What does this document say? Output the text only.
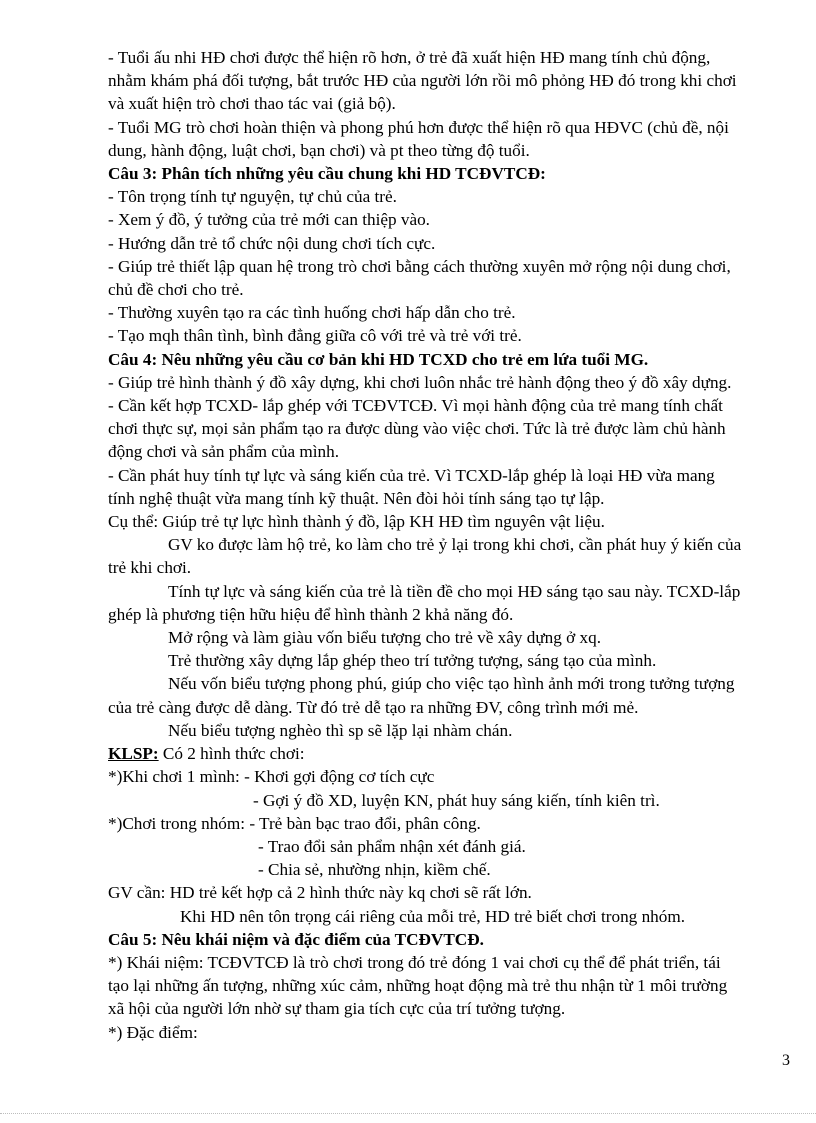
- Tuổi ấu nhi HĐ chơi được thể hiện rõ hơn, ở trẻ đã xuất hiện HĐ mang tính chủ động,

nhằm khám phá đối tượng, bắt trước HĐ của người lớn rồi mô phỏng HĐ đó trong khi chơi

và xuất hiện trò chơi thao tác vai (giả bộ).

- Tuổi MG trò chơi hoàn thiện và phong phú hơn được thể hiện rõ qua HĐVC (chủ đề, nội

dung, hành động, luật chơi, bạn chơi) và pt theo từng độ tuổi.

Câu 3: Phân tích những yêu cầu chung khi HD TCĐVTCĐ:

- Tôn trọng tính tự nguyện, tự chủ của trẻ.

- Xem ý đồ, ý tưởng của trẻ mới can thiệp vào.

- Hướng dẫn trẻ tổ chức nội dung chơi tích cực.

- Giúp trẻ thiết lập quan hệ trong trò chơi bằng cách thường xuyên mở rộng nội dung chơi,

chủ đề chơi cho trẻ.

- Thường xuyên tạo ra các tình huống chơi hấp dẫn cho trẻ.

- Tạo mqh thân tình, bình đẳng giữa cô với trẻ và trẻ với trẻ.

Câu 4: Nêu những yêu cầu cơ bản khi HD TCXD cho trẻ em lứa tuổi MG.

- Giúp trẻ hình thành ý đồ xây dựng, khi chơi luôn nhắc trẻ hành động theo ý đồ xây dựng.

- Cần kết hợp TCXD- lắp ghép với TCĐVTCĐ. Vì mọi hành động của trẻ mang tính chất

chơi thực sự, mọi sản phẩm tạo ra được dùng vào việc chơi. Tức là trẻ được làm chủ hành

động chơi và sản phẩm của mình.

- Cần phát huy tính tự lực và sáng kiến của trẻ. Vì TCXD-lắp ghép là loại HĐ vừa mang

tính nghệ thuật vừa mang tính kỹ thuật. Nên đòi hỏi tính sáng tạo tự lập.

Cụ thể: Giúp trẻ tự lực hình thành ý đồ, lập KH HĐ tìm nguyên vật liệu.

GV ko được làm hộ trẻ, ko làm cho trẻ ỷ lại trong khi chơi, cần phát huy ý kiến của

trẻ khi chơi.

Tính tự lực và sáng kiến của trẻ là tiền đề cho mọi HĐ sáng tạo sau này. TCXD-lắp

ghép là phương tiện hữu hiệu để hình thành 2 khả năng đó.

Mở rộng và làm giàu vốn biểu tượng cho trẻ về xây dựng ở xq.

Trẻ thường xây dựng lắp ghép theo trí tưởng tượng, sáng tạo của mình.

Nếu vốn biểu tượng phong phú, giúp cho việc tạo hình ảnh mới trong tưởng tượng

của trẻ càng được dễ dàng. Từ đó trẻ dễ tạo ra những ĐV, công trình mới mẻ.

Nếu biểu tượng nghèo thì sp sẽ lặp lại nhàm chán.

KLSP: Có 2 hình thức chơi:

*)Khi chơi 1 mình: - Khơi gợi động cơ tích cực

- Gợi ý đồ XD, luyện KN, phát huy sáng kiến, tính kiên trì.

*)Chơi trong nhóm: - Trẻ bàn bạc trao đổi, phân công.

- Trao đổi sản phẩm nhận xét đánh giá.

- Chia sẻ, nhường nhịn, kiềm chế.

GV cần: HD trẻ kết hợp cả 2 hình thức này kq chơi sẽ rất lớn.

Khi HD nên tôn trọng cái riêng của mỗi trẻ, HD trẻ biết chơi trong nhóm.

Câu 5: Nêu khái niệm và đặc điểm của TCĐVTCĐ.

*) Khái niệm: TCĐVTCĐ là trò chơi trong đó trẻ đóng 1 vai chơi cụ thể để phát triển, tái

tạo lại những ấn tượng, những xúc cảm, những hoạt động mà trẻ thu nhận từ 1 môi trường

xã hội của người lớn nhờ sự tham gia tích cực của trí tưởng tượng.

*) Đặc điểm:

3
